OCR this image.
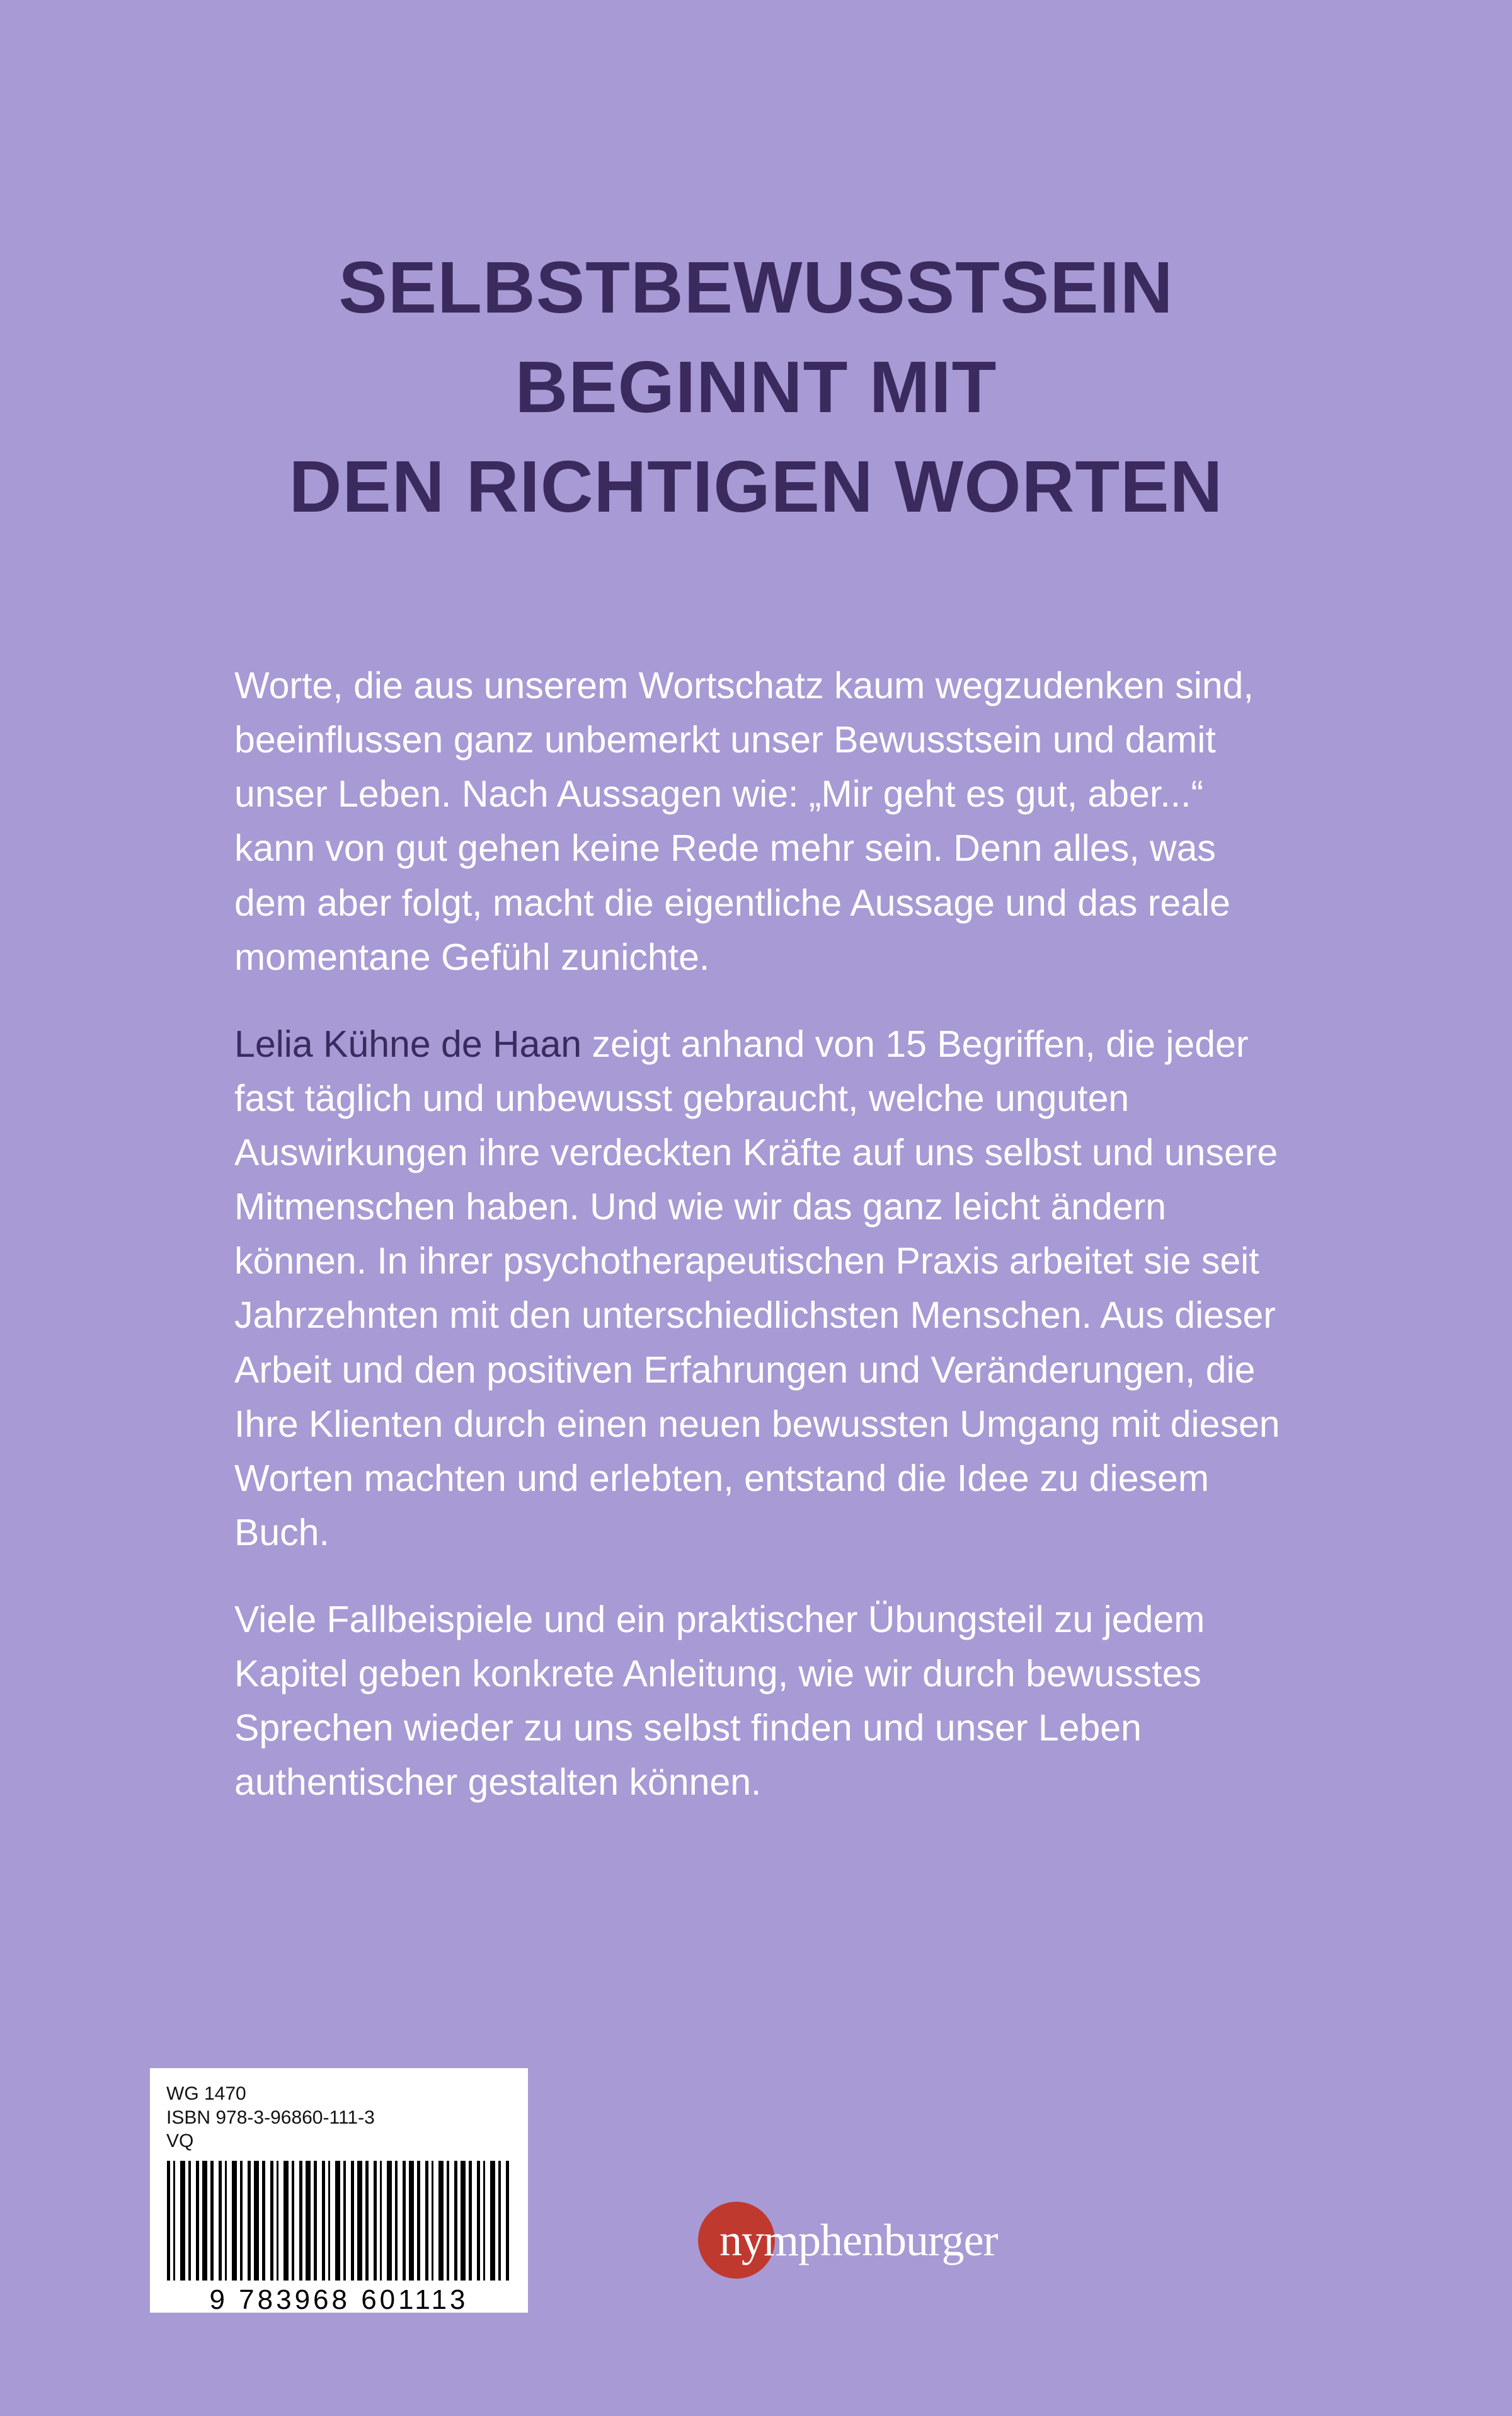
SELBSTBEWUSSTSEIN
BEGINNT MIT
DEN RICHTIGEN WORTEN

Worte, die aus unserem Wortschatz kaum wegzudenken sind, beeinflussen ganz unbemerkt unser Bewusstsein und damit unser Leben. Nach Aussagen wie: „Mir geht es gut, aber...“ kann von gut gehen keine Rede mehr sein. Denn alles, was dem aber folgt, macht die eigentliche Aussage und das reale momentane Gefühl zunichte.

Lelia Kühne de Haan zeigt anhand von 15 Begriffen, die jeder fast täglich und unbewusst gebraucht, welche unguten Auswirkungen ihre verdeckten Kräfte auf uns selbst und unsere Mitmenschen haben. Und wie wir das ganz leicht ändern können. In ihrer psychotherapeutischen Praxis arbeitet sie seit Jahrzehnten mit den unterschiedlichsten Menschen. Aus dieser Arbeit und den positiven Erfahrungen und Veränderungen, die Ihre Klienten durch einen neuen bewussten Umgang mit diesen Worten machten und erlebten, entstand die Idee zu diesem Buch.

Viele Fallbeispiele und ein praktischer Übungsteil zu jedem Kapitel geben konkrete Anleitung, wie wir durch bewusstes Sprechen wieder zu uns selbst finden und unser Leben authentischer gestalten können.

WG 1470
ISBN 978-3-96860-111-3
VQ
9 783968 601113
nymphenburger
